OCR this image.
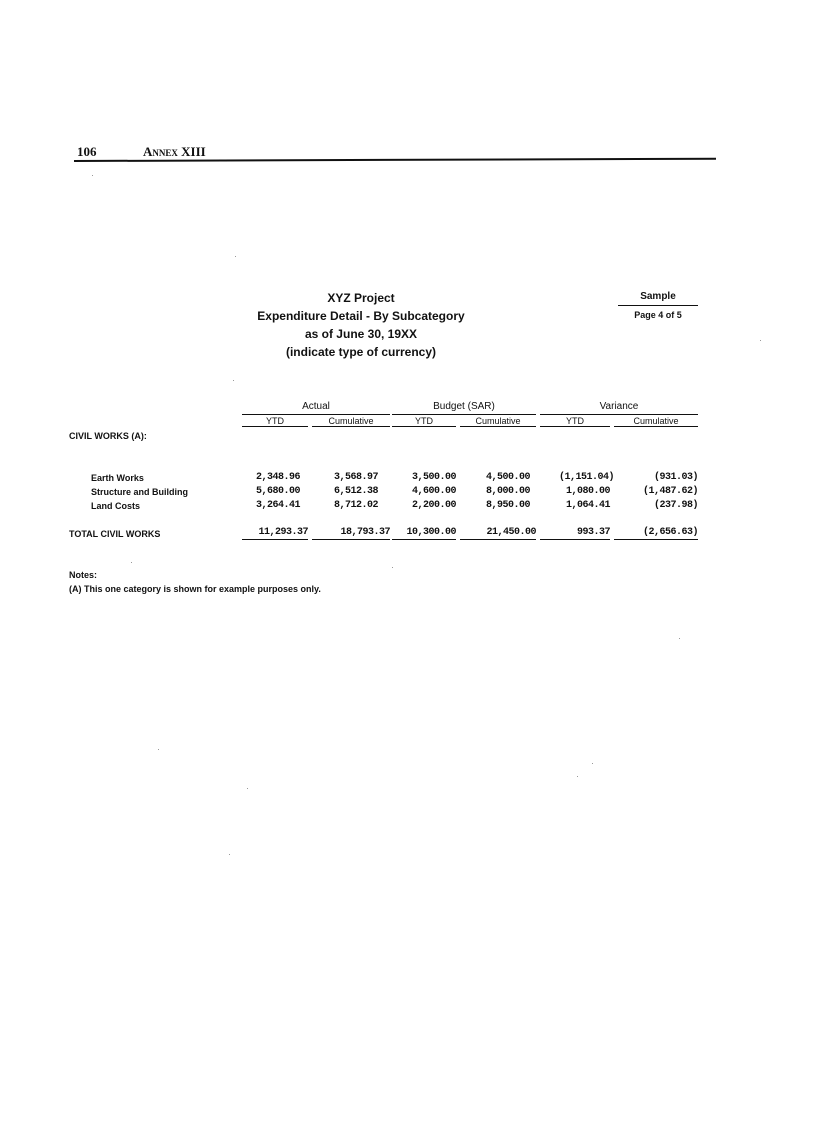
106	Annex XIII
XYZ Project
Expenditure Detail - By Subcategory
as of June 30, 19XX
(indicate type of currency)
Sample
Page 4 of 5
Actual	Budget (SAR)	Variance
YTD	Cumulative	YTD	Cumulative	YTD	Cumulative
CIVIL WORKS (A):
Earth Works	2,348.96	3,568.97	3,500.00	4,500.00	(1,151.04)	(931.03)
Structure and Building	5,680.00	6,512.38	4,600.00	8,000.00	1,080.00	(1,487.62)
Land Costs	3,264.41	8,712.02	2,200.00	8,950.00	1,064.41	(237.98)
TOTAL CIVIL WORKS	11,293.37	18,793.37	10,300.00	21,450.00	993.37	(2,656.63)
Notes:
(A) This one category is shown for example purposes only.
